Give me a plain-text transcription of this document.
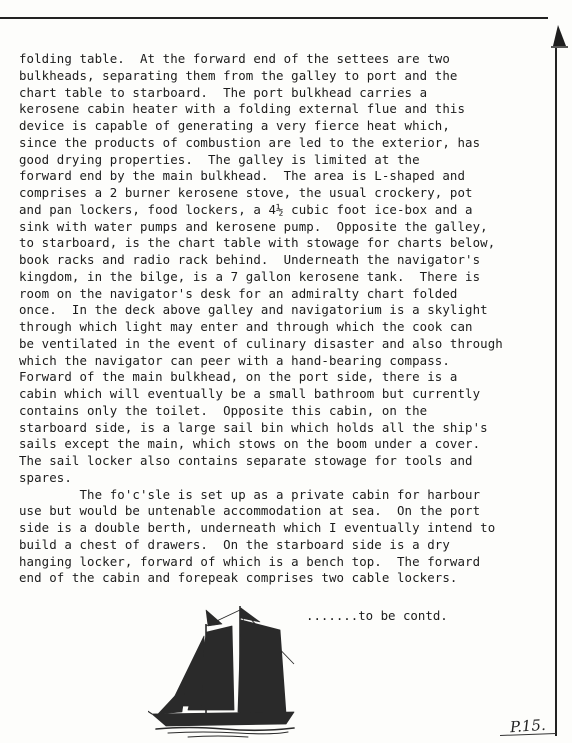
folding table.  At the forward end of the settees are two
bulkheads, separating them from the galley to port and the
chart table to starboard.  The port bulkhead carries a
kerosene cabin heater with a folding external flue and this
device is capable of generating a very fierce heat which,
since the products of combustion are led to the exterior, has
good drying properties.  The galley is limited at the
forward end by the main bulkhead.  The area is L-shaped and
comprises a 2 burner kerosene stove, the usual crockery, pot
and pan lockers, food lockers, a 4½ cubic foot ice-box and a
sink with water pumps and kerosene pump.  Opposite the galley,
to starboard, is the chart table with stowage for charts below,
book racks and radio rack behind.  Underneath the navigator's
kingdom, in the bilge, is a 7 gallon kerosene tank.  There is
room on the navigator's desk for an admiralty chart folded
once.  In the deck above galley and navigatorium is a skylight
through which light may enter and through which the cook can
be ventilated in the event of culinary disaster and also through
which the navigator can peer with a hand-bearing compass.
Forward of the main bulkhead, on the port side, there is a
cabin which will eventually be a small bathroom but currently
contains only the toilet.  Opposite this cabin, on the
starboard side, is a large sail bin which holds all the ship's
sails except the main, which stows on the boom under a cover.
The sail locker also contains separate stowage for tools and
spares.
The fo'c'sle is set up as a private cabin for harbour
use but would be untenable accommodation at sea.  On the port
side is a double berth, underneath which I eventually intend to
build a chest of drawers.  On the starboard side is a dry
hanging locker, forward of which is a bench top.  The forward
end of the cabin and forepeak comprises two cable lockers.
.......to be contd.
P.15.
